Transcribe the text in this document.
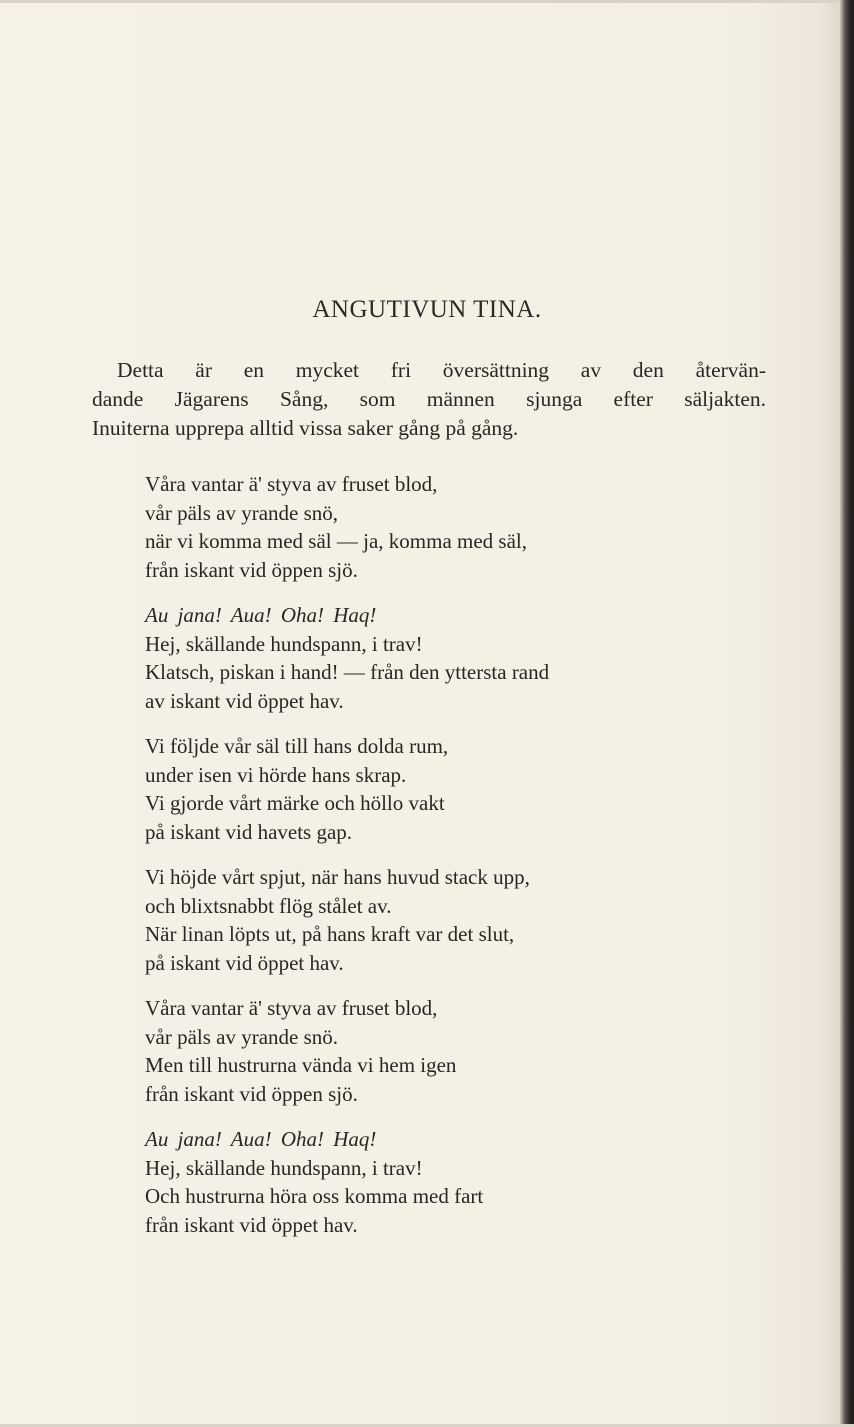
ANGUTIVUN TINA.
Detta är en mycket fri översättning av den återvän-
dande Jägarens Sång, som männen sjunga efter säljakten.
Inuiterna upprepa alltid vissa saker gång på gång.
Våra vantar ä' styva av fruset blod,
vår päls av yrande snö,
när vi komma med säl — ja, komma med säl,
från iskant vid öppen sjö.
Au jana! Aua! Oha! Haq!
Hej, skällande hundspann, i trav!
Klatsch, piskan i hand! — från den yttersta rand
av iskant vid öppet hav.
Vi följde vår säl till hans dolda rum,
under isen vi hörde hans skrap.
Vi gjorde vårt märke och höllo vakt
på iskant vid havets gap.
Vi höjde vårt spjut, när hans huvud stack upp,
och blixtsnabbt flög stålet av.
När linan löpts ut, på hans kraft var det slut,
på iskant vid öppet hav.
Våra vantar ä' styva av fruset blod,
vår päls av yrande snö.
Men till hustrurna vända vi hem igen
från iskant vid öppen sjö.
Au jana! Aua! Oha! Haq!
Hej, skällande hundspann, i trav!
Och hustrurna höra oss komma med fart
från iskant vid öppet hav.
